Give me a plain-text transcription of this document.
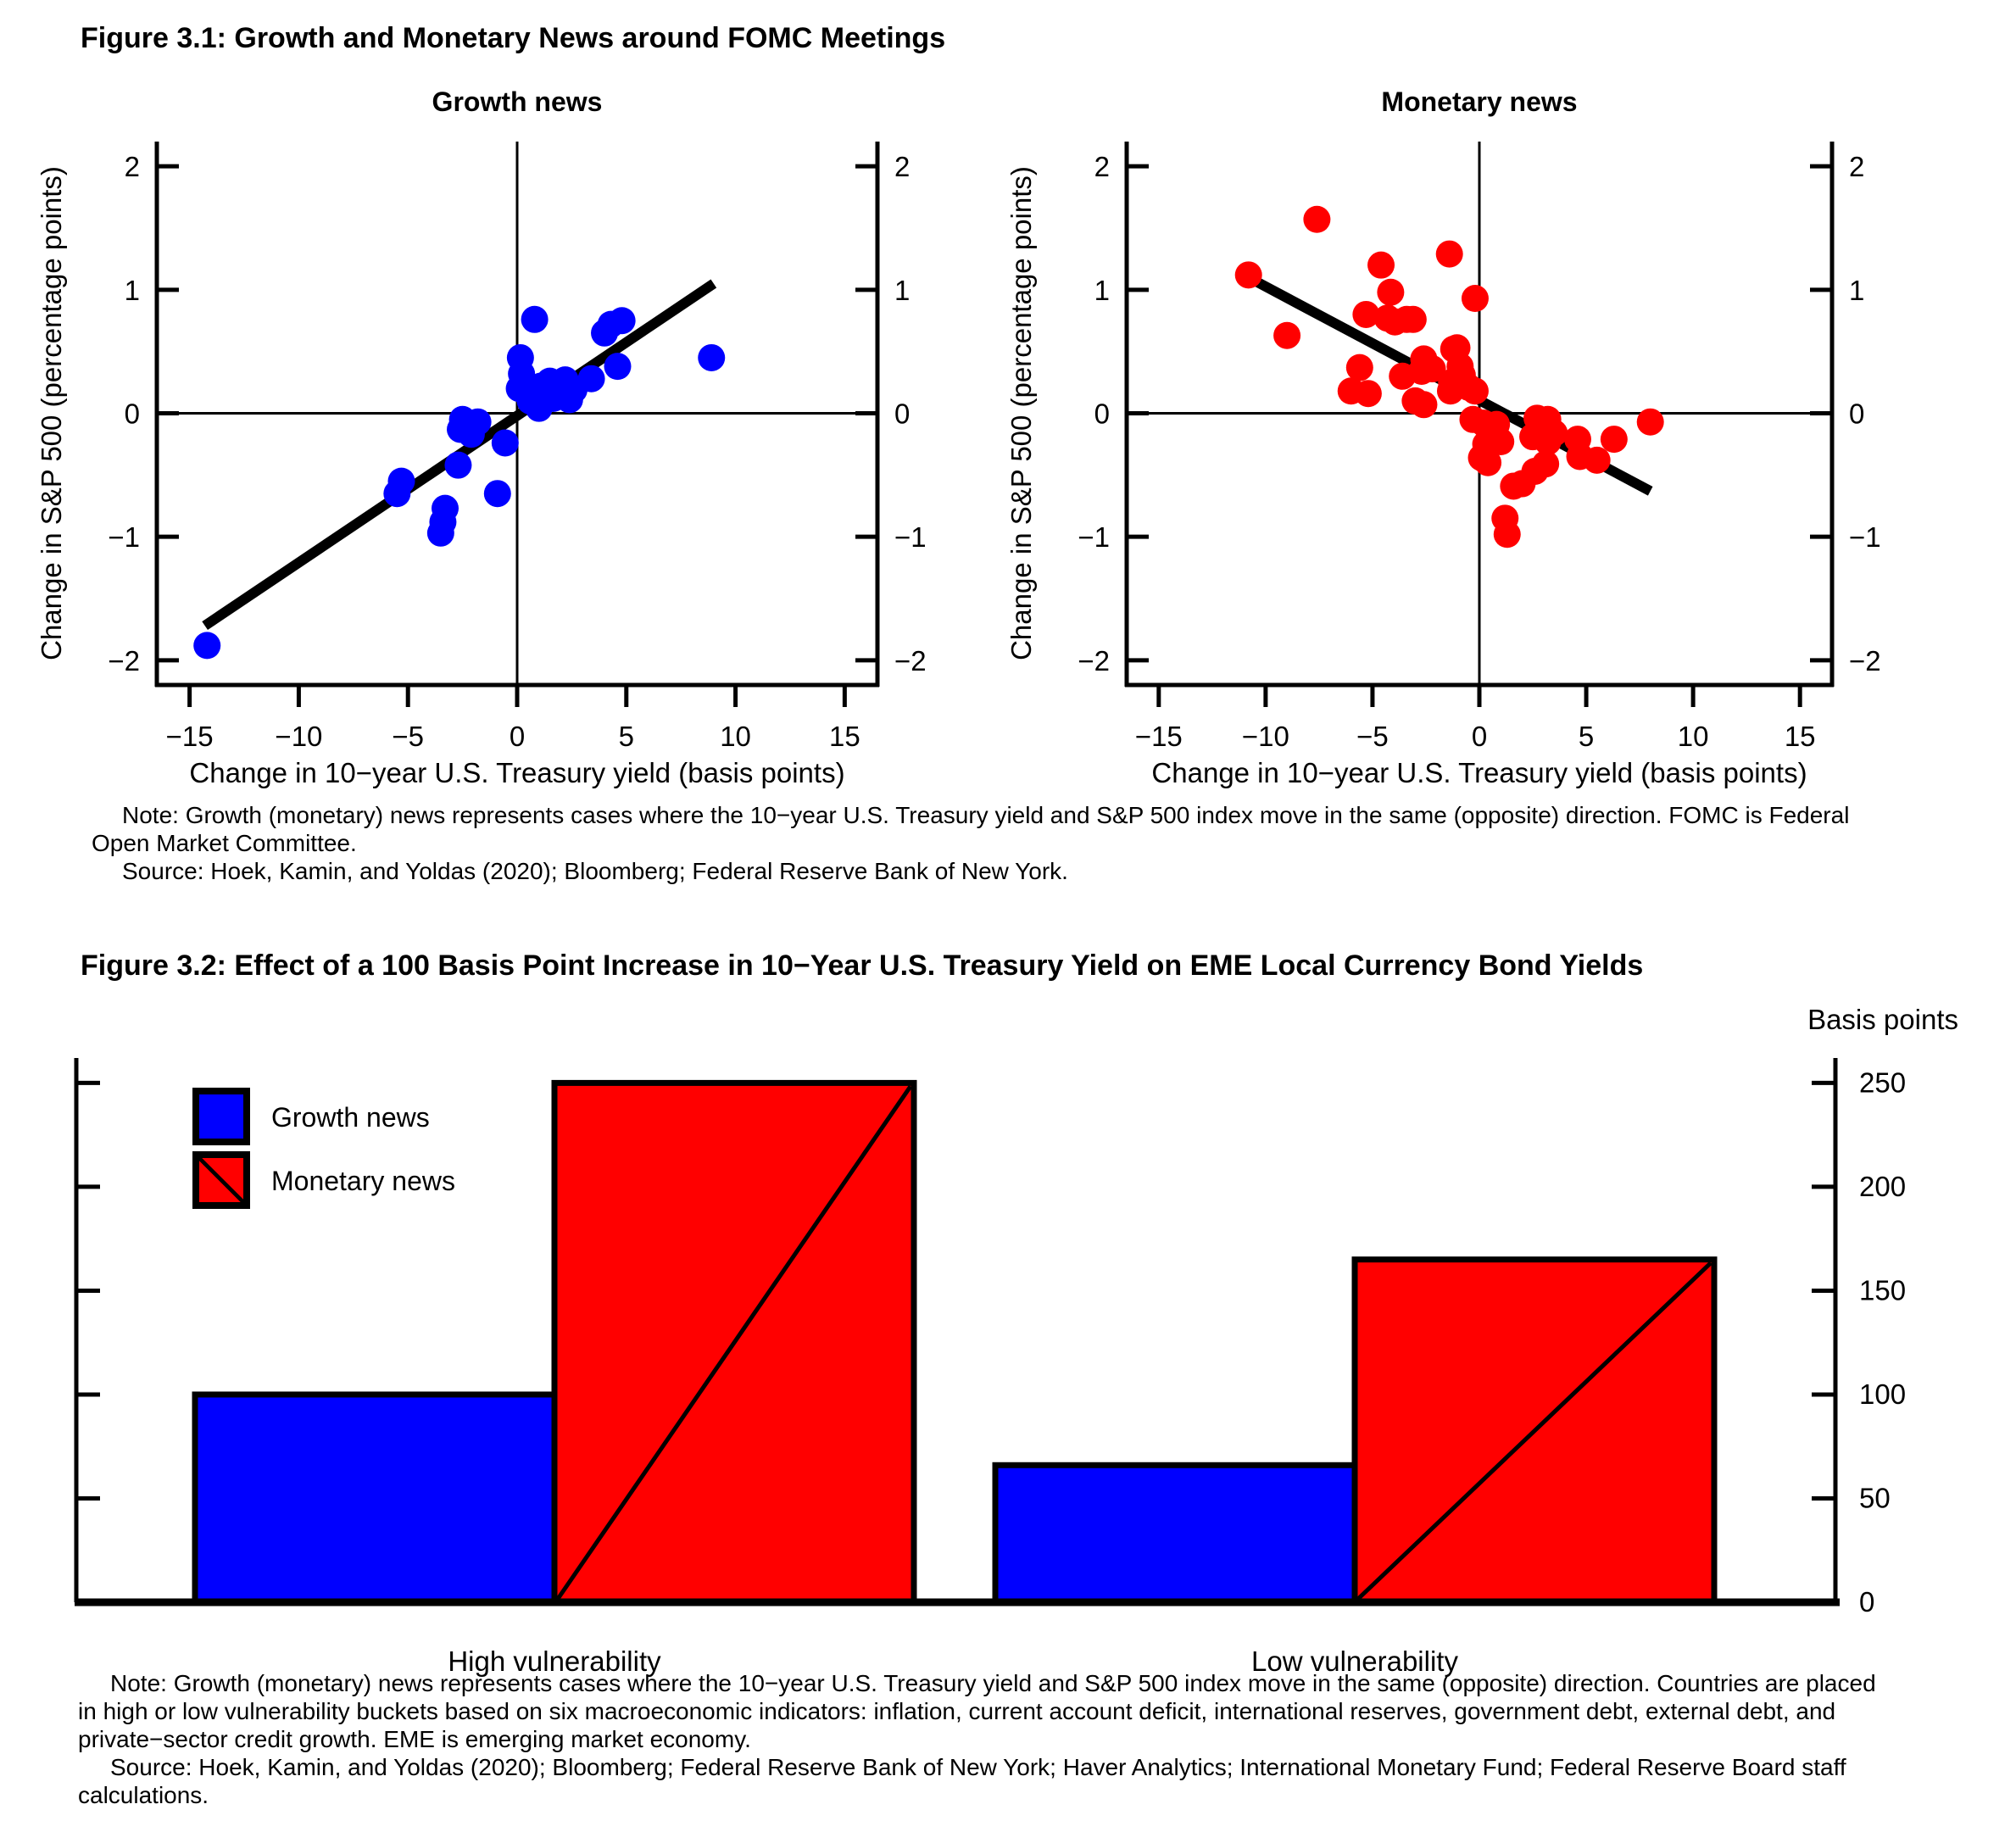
Figure 3.1: Growth and Monetary News around FOMC Meetings
Growth news	Monetary news
2	2
1	1
0	0
−1	−1
−2	−2
−15 −10 −5	0	5	10	15
Change in 10−year U.S. Treasury yield (basis points)
Change in S&P 500 (percentage points)	2	2
1	1
0	0
−1	−1
−2	−2
−15 −10 −5	0	5	10	15
Change in 10−year U.S. Treasury yield (basis points)
Change in S&P 500 (percentage points)
Note: Growth (monetary) news represents cases where the 10−year U.S. Treasury yield and S&P 500 index move in the same (opposite) direction. FOMC is Federal
Open Market Committee.
Source: Hoek, Kamin, and Yoldas (2020); Bloomberg; Federal Reserve Bank of New York.
Figure 3.2: Effect of a 100 Basis Point Increase in 10−Year U.S. Treasury Yield on EME Local Currency Bond Yields
Basis points
0
50
100
150
200
250
Growth news
Monetary news
High vulnerability	Low vulnerability
Note: Growth (monetary) news represents cases where the 10−year U.S. Treasury yield and S&P 500 index move in the same (opposite) direction. Countries are placed
in high or low vulnerability buckets based on six macroeconomic indicators: inflation, current account deficit, international reserves, government debt, external debt, and
private−sector credit growth. EME is emerging market economy.
Source: Hoek, Kamin, and Yoldas (2020); Bloomberg; Federal Reserve Bank of New York; Haver Analytics; International Monetary Fund; Federal Reserve Board staff
calculations.
